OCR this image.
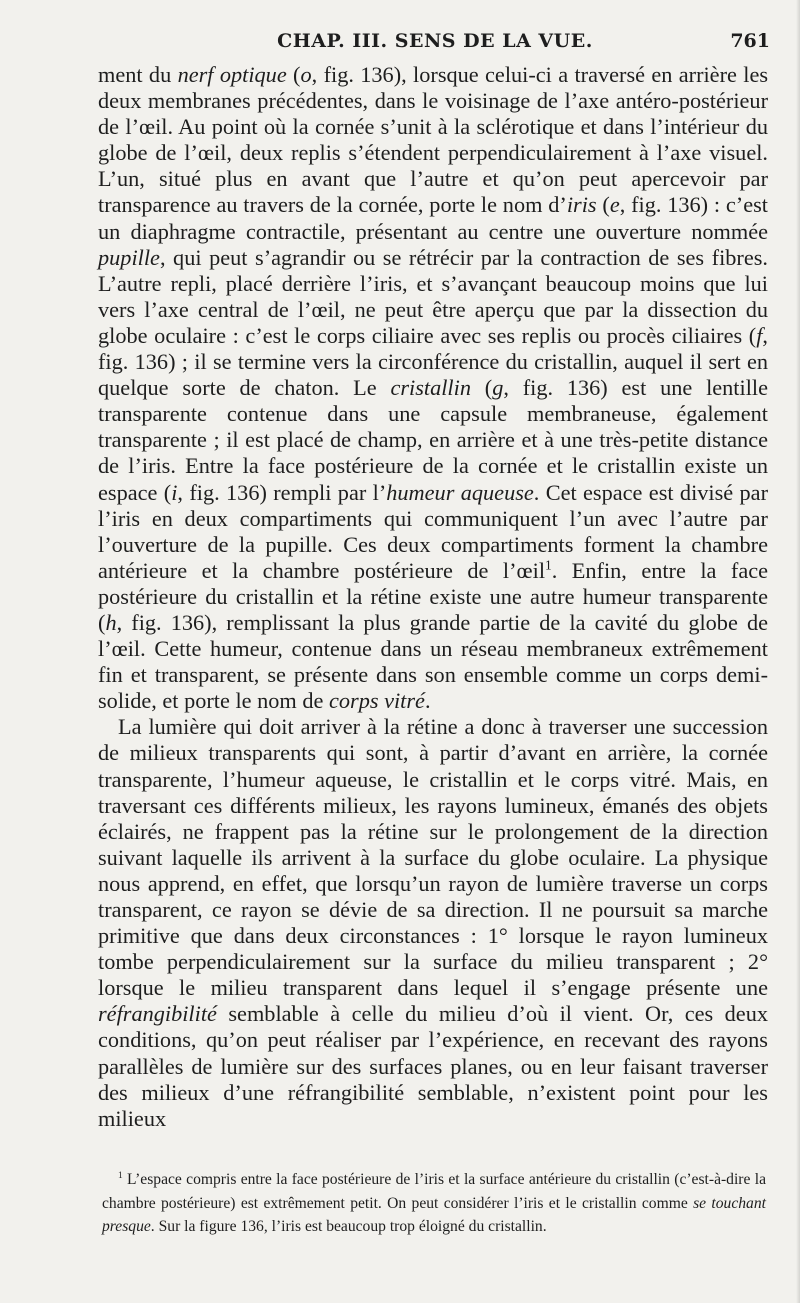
CHAP. III. SENS DE LA VUE.	761

ment du nerf optique (o, fig. 136), lorsque celui-ci a traversé en arrière les deux membranes précédentes, dans le voisinage de l’axe antéro-postérieur de l’œil. Au point où la cornée s’unit à la sclérotique et dans l’intérieur du globe de l’œil, deux replis s’étendent perpendiculairement à l’axe visuel. L’un, situé plus en avant que l’autre et qu’on peut apercevoir par transparence au travers de la cornée, porte le nom d’iris (e, fig. 136) : c’est un diaphragme contractile, présentant au centre une ouverture nommée pupille, qui peut s’agrandir ou se rétrécir par la contraction de ses fibres. L’autre repli, placé derrière l’iris, et s’avançant beaucoup moins que lui vers l’axe central de l’œil, ne peut être aperçu que par la dissection du globe oculaire : c’est le corps ciliaire avec ses replis ou procès ciliaires (f, fig. 136) ; il se termine vers la circonférence du cristallin, auquel il sert en quelque sorte de chaton. Le cristallin (g, fig. 136) est une lentille transparente contenue dans une capsule membraneuse, également transparente ; il est placé de champ, en arrière et à une très-petite distance de l’iris. Entre la face postérieure de la cornée et le cristallin existe un espace (i, fig. 136) rempli par l’humeur aqueuse. Cet espace est divisé par l’iris en deux compartiments qui communiquent l’un avec l’autre par l’ouverture de la pupille. Ces deux compartiments forment la chambre antérieure et la chambre postérieure de l’œil$^1$. Enfin, entre la face postérieure du cristallin et la rétine existe une autre humeur transparente (h, fig. 136), remplissant la plus grande partie de la cavité du globe de l’œil. Cette humeur, contenue dans un réseau membraneux extrêmement fin et transparent, se présente dans son ensemble comme un corps demi-solide, et porte le nom de corps vitré.

La lumière qui doit arriver à la rétine a donc à traverser une succession de milieux transparents qui sont, à partir d’avant en arrière, la cornée transparente, l’humeur aqueuse, le cristallin et le corps vitré. Mais, en traversant ces différents milieux, les rayons lumineux, émanés des objets éclairés, ne frappent pas la rétine sur le prolongement de la direction suivant laquelle ils arrivent à la surface du globe oculaire. La physique nous apprend, en effet, que lorsqu’un rayon de lumière traverse un corps transparent, ce rayon se dévie de sa direction. Il ne poursuit sa marche primitive que dans deux circonstances : 1° lorsque le rayon lumineux tombe perpendiculairement sur la surface du milieu transparent ; 2° lorsque le milieu transparent dans lequel il s’engage présente une réfrangibilité semblable à celle du milieu d’où il vient. Or, ces deux conditions, qu’on peut réaliser par l’expérience, en recevant des rayons parallèles de lumière sur des surfaces planes, ou en leur faisant traverser des milieux d’une réfrangibilité semblable, n’existent point pour les milieux

$^1$ L’espace compris entre la face postérieure de l’iris et la surface antérieure du cristallin (c’est-à-dire la chambre postérieure) est extrêmement petit. On peut considérer l’iris et le cristallin comme se touchant presque. Sur la figure 136, l’iris est beaucoup trop éloigné du cristallin.
